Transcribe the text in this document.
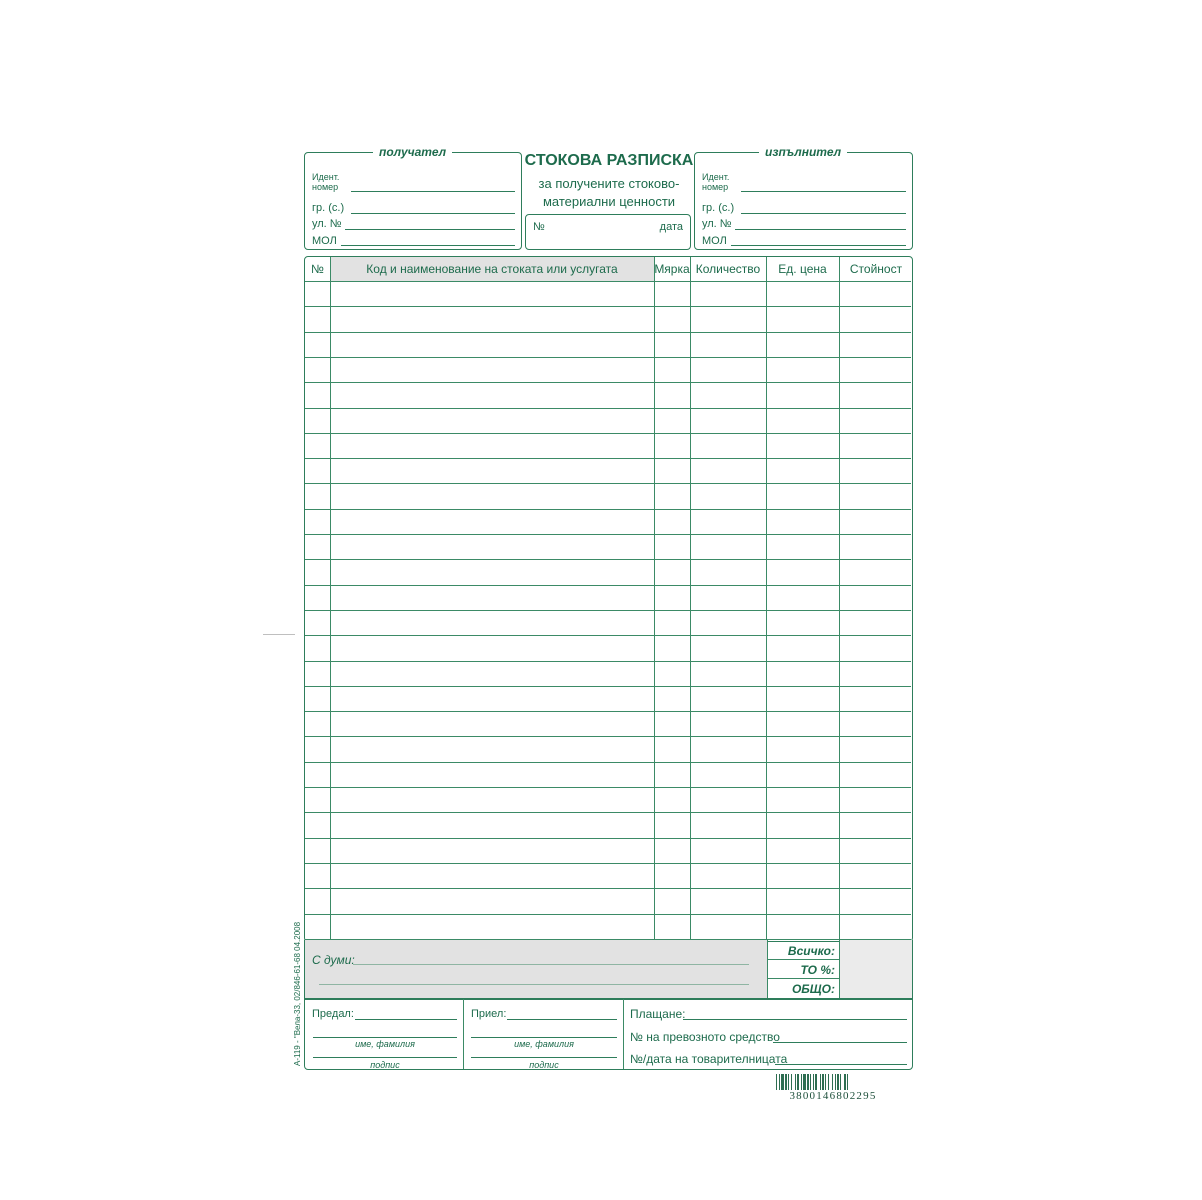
получател
Идент.
номер
гр. (с.)
ул. №
МОЛ
СТОКОВА РАЗПИСКА
за получените стоково-
материални ценности
№	дата
изпълнител
Идент.
номер
гр. (с.)
ул. №
МОЛ
А-119 - "Вела-33, 02/846-61-68 04.2008
№	Код и наименование на стоката или услугата	Мярка Количество	Ед. цена	Стойност
С думи:
Всичко:
ТО %:
ОБЩО:
Предал:
име, фамилия
подпис
Приел:
име, фамилия
подпис
Плащане:
№ на превозното средство
№/дата на товарителницата
3800146802295
